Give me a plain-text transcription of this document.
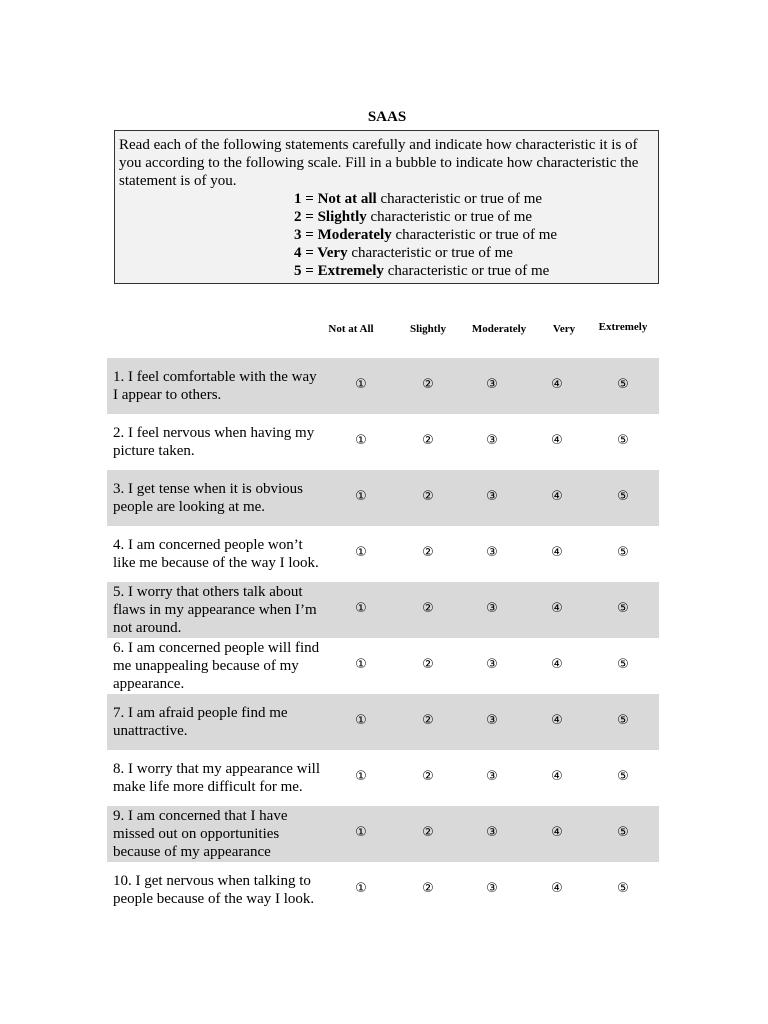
SAAS
Read each of the following statements carefully and indicate how characteristic it is of you according to the following scale. Fill in a bubble to indicate how characteristic the statement is of you.
1 = Not at all characteristic or true of me
2 = Slightly characteristic or true of me
3 = Moderately characteristic or true of me
4 = Very characteristic or true of me
5 = Extremely characteristic or true of me
Not at All	Slightly	Moderately	Very	Extremely
1. I feel comfortable with the way I appear to others.
①	②	③	④	⑤
2. I feel nervous when having my picture taken.
①	②	③	④	⑤
3. I get tense when it is obvious people are looking at me.
①	②	③	④	⑤
4. I am concerned people won’t like me because of the way I look.
①	②	③	④	⑤
5. I worry that others talk about flaws in my appearance when I’m not around.
①	②	③	④	⑤
6. I am concerned people will find me unappealing because of my appearance.
①	②	③	④	⑤
7. I am afraid people find me unattractive.
①	②	③	④	⑤
8. I worry that my appearance will make life more difficult for me.
①	②	③	④	⑤
9. I am concerned that I have missed out on opportunities because of my appearance
①	②	③	④	⑤
10. I get nervous when talking to people because of the way I look.
①	②	③	④	⑤
